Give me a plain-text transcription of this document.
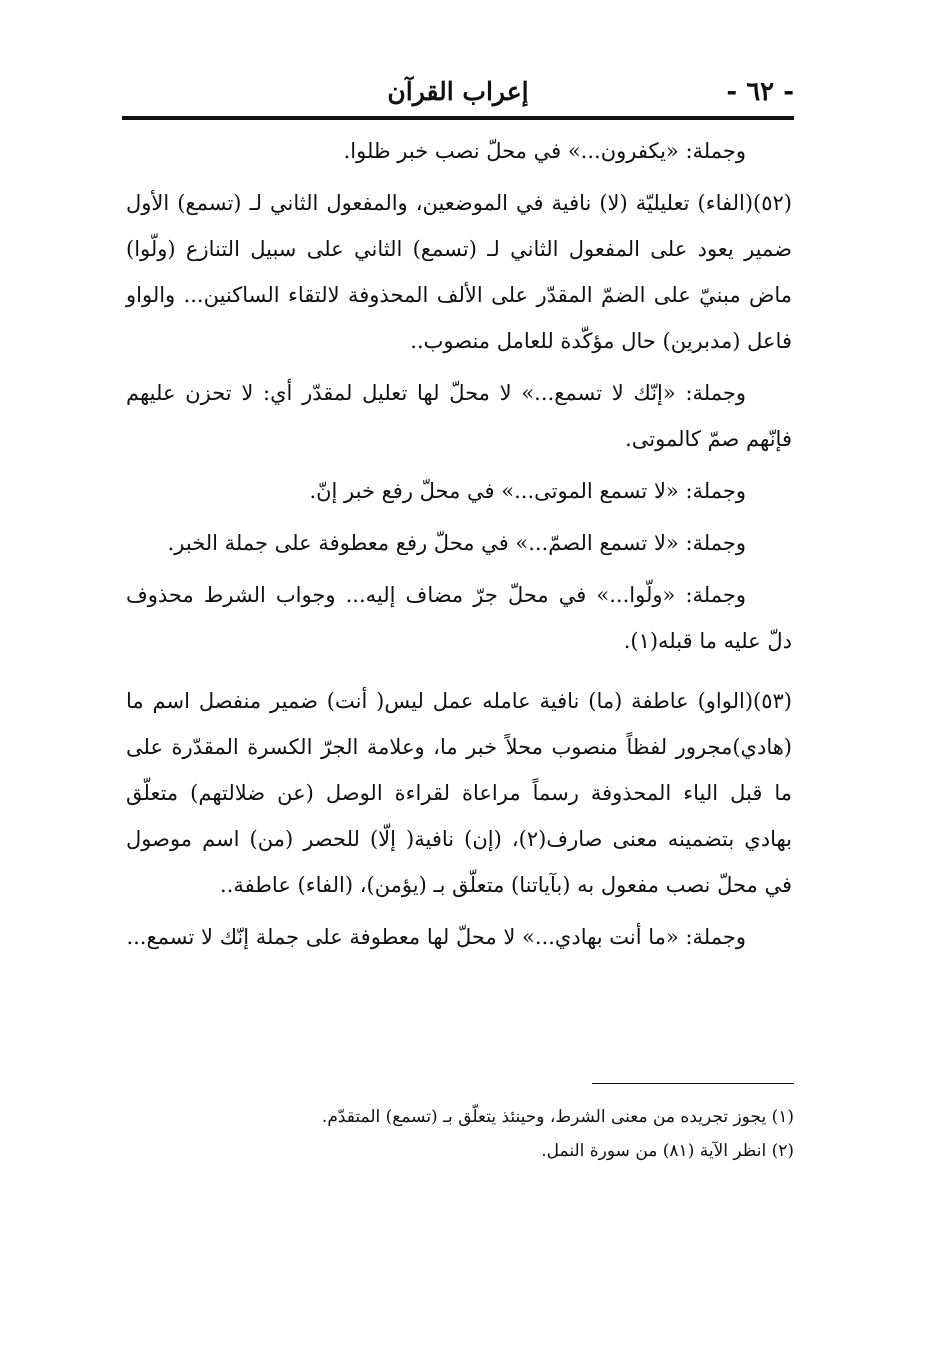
- ٦٢ -
إعراب القرآن

وجملة: «يكفرون...» في محلّ نصب خبر ظلوا.

(٥٢)(الفاء) تعليليّة (لا) نافية في الموضعين، والمفعول الثاني لـ (تسمع) الأول ضمير يعود على المفعول الثاني لـ (تسمع) الثاني على سبيل التنازع (ولّوا) ماض مبنيّ على الضمّ المقدّر على الألف المحذوفة لالتقاء الساكنين... والواو فاعل (مدبرين) حال مؤكّدة للعامل منصوب..

وجملة: «إنّك لا تسمع...» لا محلّ لها تعليل لمقدّر أي: لا تحزن عليهم فإنّهم صمّ كالموتى.

وجملة: «لا تسمع الموتى...» في محلّ رفع خبر إنّ.

وجملة: «لا تسمع الصمّ...» في محلّ رفع معطوفة على جملة الخبر.

وجملة: «ولّوا...» في محلّ جرّ مضاف إليه... وجواب الشرط محذوف دلّ عليه ما قبله(١).

(٥٣)(الواو) عاطفة (ما) نافية عامله عمل ليس( أنت) ضمير منفصل اسم ما (هادي)مجرور لفظاً منصوب محلاً خبر ما، وعلامة الجرّ الكسرة المقدّرة على ما قبل الياء المحذوفة رسماً مراعاة لقراءة الوصل (عن ضلالتهم) متعلّق بهادي بتضمينه معنى صارف(٢)، (إن) نافية( إلّا) للحصر (من) اسم موصول في محلّ نصب مفعول به (بآياتنا) متعلّق بـ (يؤمن)، (الفاء) عاطفة..

وجملة: «ما أنت بهادي...» لا محلّ لها معطوفة على جملة إنّك لا تسمع...

(١) يجوز تجريده من معنى الشرط، وحينئذ يتعلّق بـ (تسمع) المتقدّم.

(٢) انظر الآية (٨١) من سورة النمل.
